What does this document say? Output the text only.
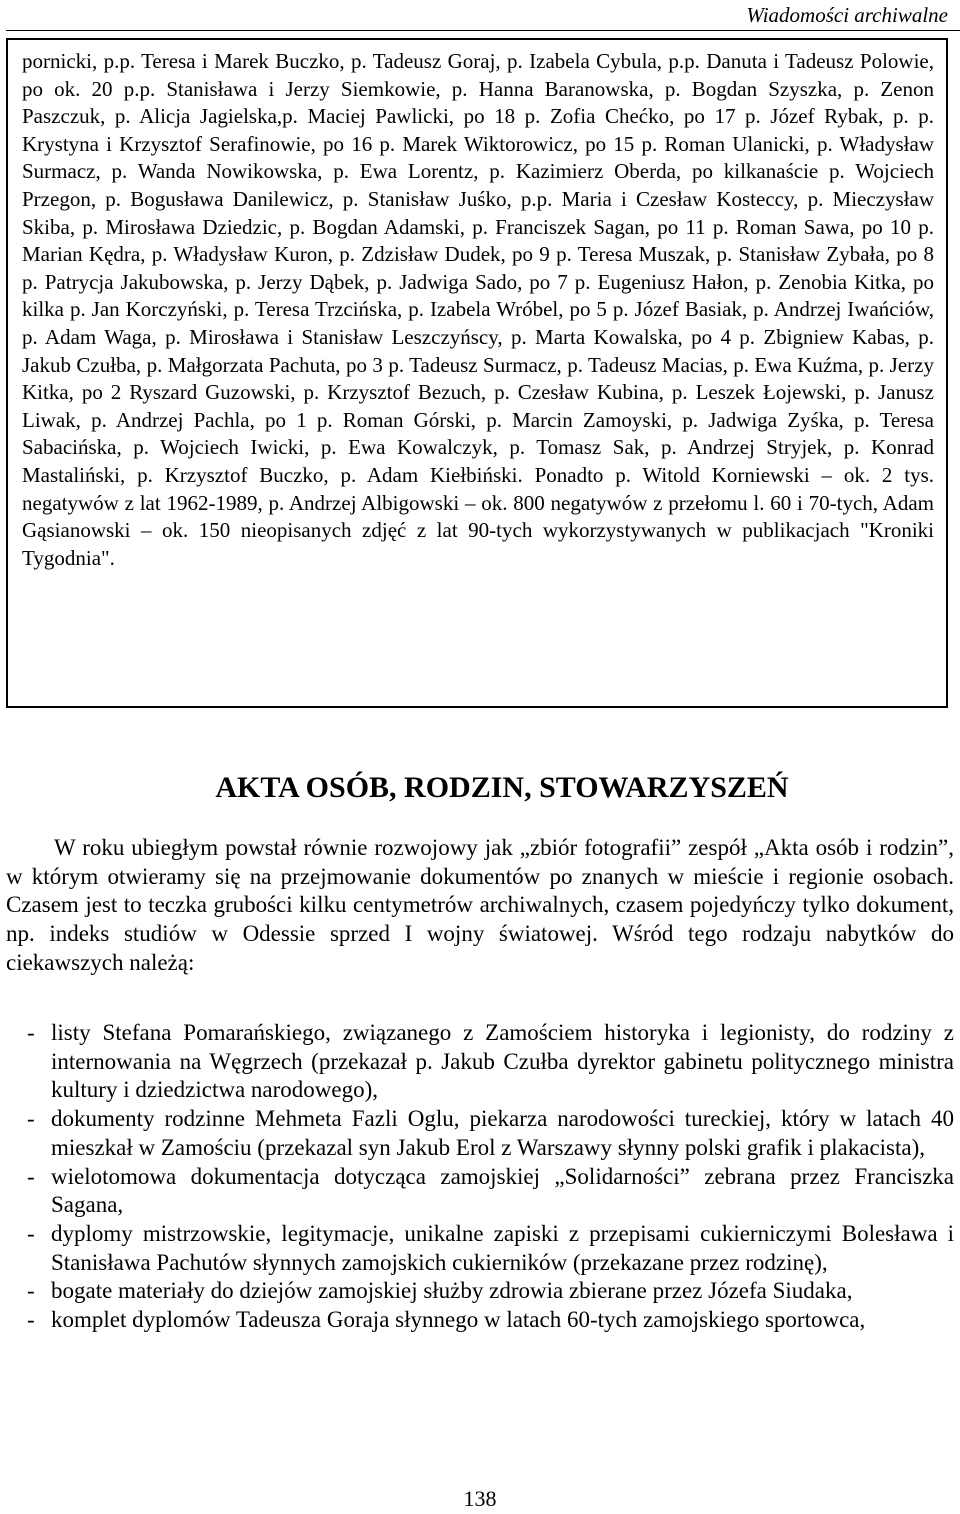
Wiadomości archiwalne

pornicki, p.p. Teresa i Marek Buczko, p. Tadeusz Goraj, p. Izabela Cybula, p.p. Danuta i Tadeusz Polowie, po ok. 20 p.p. Stanisława i Jerzy Siemkowie, p. Hanna Baranowska, p. Bogdan Szyszka, p. Zenon Paszczuk, p. Alicja Jagielska,p. Maciej Pawlicki, po 18 p. Zofia Chećko, po 17 p. Józef Rybak, p. p. Krystyna i Krzysztof Serafinowie, po 16 p. Marek Wiktorowicz, po 15 p. Roman Ulanicki, p. Władysław Surmacz, p. Wanda Nowikowska, p. Ewa Lorentz, p. Kazimierz Oberda, po kilkanaście p. Wojciech Przegon, p. Bogusława Danilewicz, p. Stanisław Juśko, p.p. Maria i Czesław Kosteccy, p. Mieczysław Skiba, p. Mirosława Dziedzic, p. Bogdan Adamski, p. Franciszek Sagan, po 11 p. Roman Sawa, po 10 p. Marian Kędra, p. Władysław Kuron, p. Zdzisław Dudek, po 9 p. Teresa Muszak, p. Stanisław Zybała, po 8 p. Patrycja Jakubowska, p. Jerzy Dąbek, p. Jadwiga Sado, po 7 p. Eugeniusz Hałon, p. Zenobia Kitka, po kilka p. Jan Korczyński, p. Teresa Trzcińska, p. Izabela Wróbel, po 5 p. Józef Basiak, p. Andrzej Iwańciów, p. Adam Waga, p. Mirosława i Stanisław Leszczyńscy, p. Marta Kowalska, po 4 p. Zbigniew Kabas, p. Jakub Czułba, p. Małgorzata Pachuta, po 3 p. Tadeusz Surmacz, p. Tadeusz Macias, p. Ewa Kuźma, p. Jerzy Kitka, po 2 Ryszard Guzowski, p. Krzysztof Bezuch, p. Czesław Kubina, p. Leszek Łojewski, p. Janusz Liwak, p. Andrzej Pachla, po 1 p. Roman Górski, p. Marcin Zamoyski, p. Jadwiga Zyśka, p. Teresa Sabacińska, p. Wojciech Iwicki, p. Ewa Kowalczyk, p. Tomasz Sak, p. Andrzej Stryjek, p. Konrad Mastaliński, p. Krzysztof Buczko, p. Adam Kiełbiński. Ponadto p. Witold Korniewski – ok. 2 tys. negatywów z lat 1962-1989, p. Andrzej Albigowski – ok. 800 negatywów z przełomu l. 60 i 70-tych, Adam Gąsianowski – ok. 150 nieopisanych zdjęć z lat 90-tych wykorzystywanych w publikacjach "Kroniki Tygodnia".

AKTA OSÓB, RODZIN, STOWARZYSZEŃ

W roku ubiegłym powstał równie rozwojowy jak „zbiór fotografii” zespół „Akta osób i rodzin”, w którym otwieramy się na przejmowanie dokumentów po znanych w mieście i regionie osobach. Czasem jest to teczka grubości kilku centymetrów archiwalnych, czasem pojedyńczy tylko dokument, np. indeks studiów w Odessie sprzed I wojny światowej. Wśród tego rodzaju nabytków do ciekawszych należą:

- listy Stefana Pomarańskiego, związanego z Zamościem historyka i legionisty, do rodziny z internowania na Węgrzech (przekazał p. Jakub Czułba dyrektor gabinetu politycznego ministra kultury i dziedzictwa narodowego),
- dokumenty rodzinne Mehmeta Fazli Oglu, piekarza narodowości tureckiej, który w latach 40 mieszkał w Zamościu (przekazal syn Jakub Erol z Warszawy słynny polski grafik i plakacista),
- wielotomowa dokumentacja dotycząca zamojskiej „Solidarności” zebrana przez Franciszka Sagana,
- dyplomy mistrzowskie, legitymacje, unikalne zapiski z przepisami cukierniczymi Bolesława i Stanisława Pachutów słynnych zamojskich cukierników (przekazane przez rodzinę),
- bogate materiały do dziejów zamojskiej służby zdrowia zbierane przez Józefa Siudaka,
- komplet dyplomów Tadeusza Goraja słynnego w latach 60-tych zamojskiego sportowca,
138
